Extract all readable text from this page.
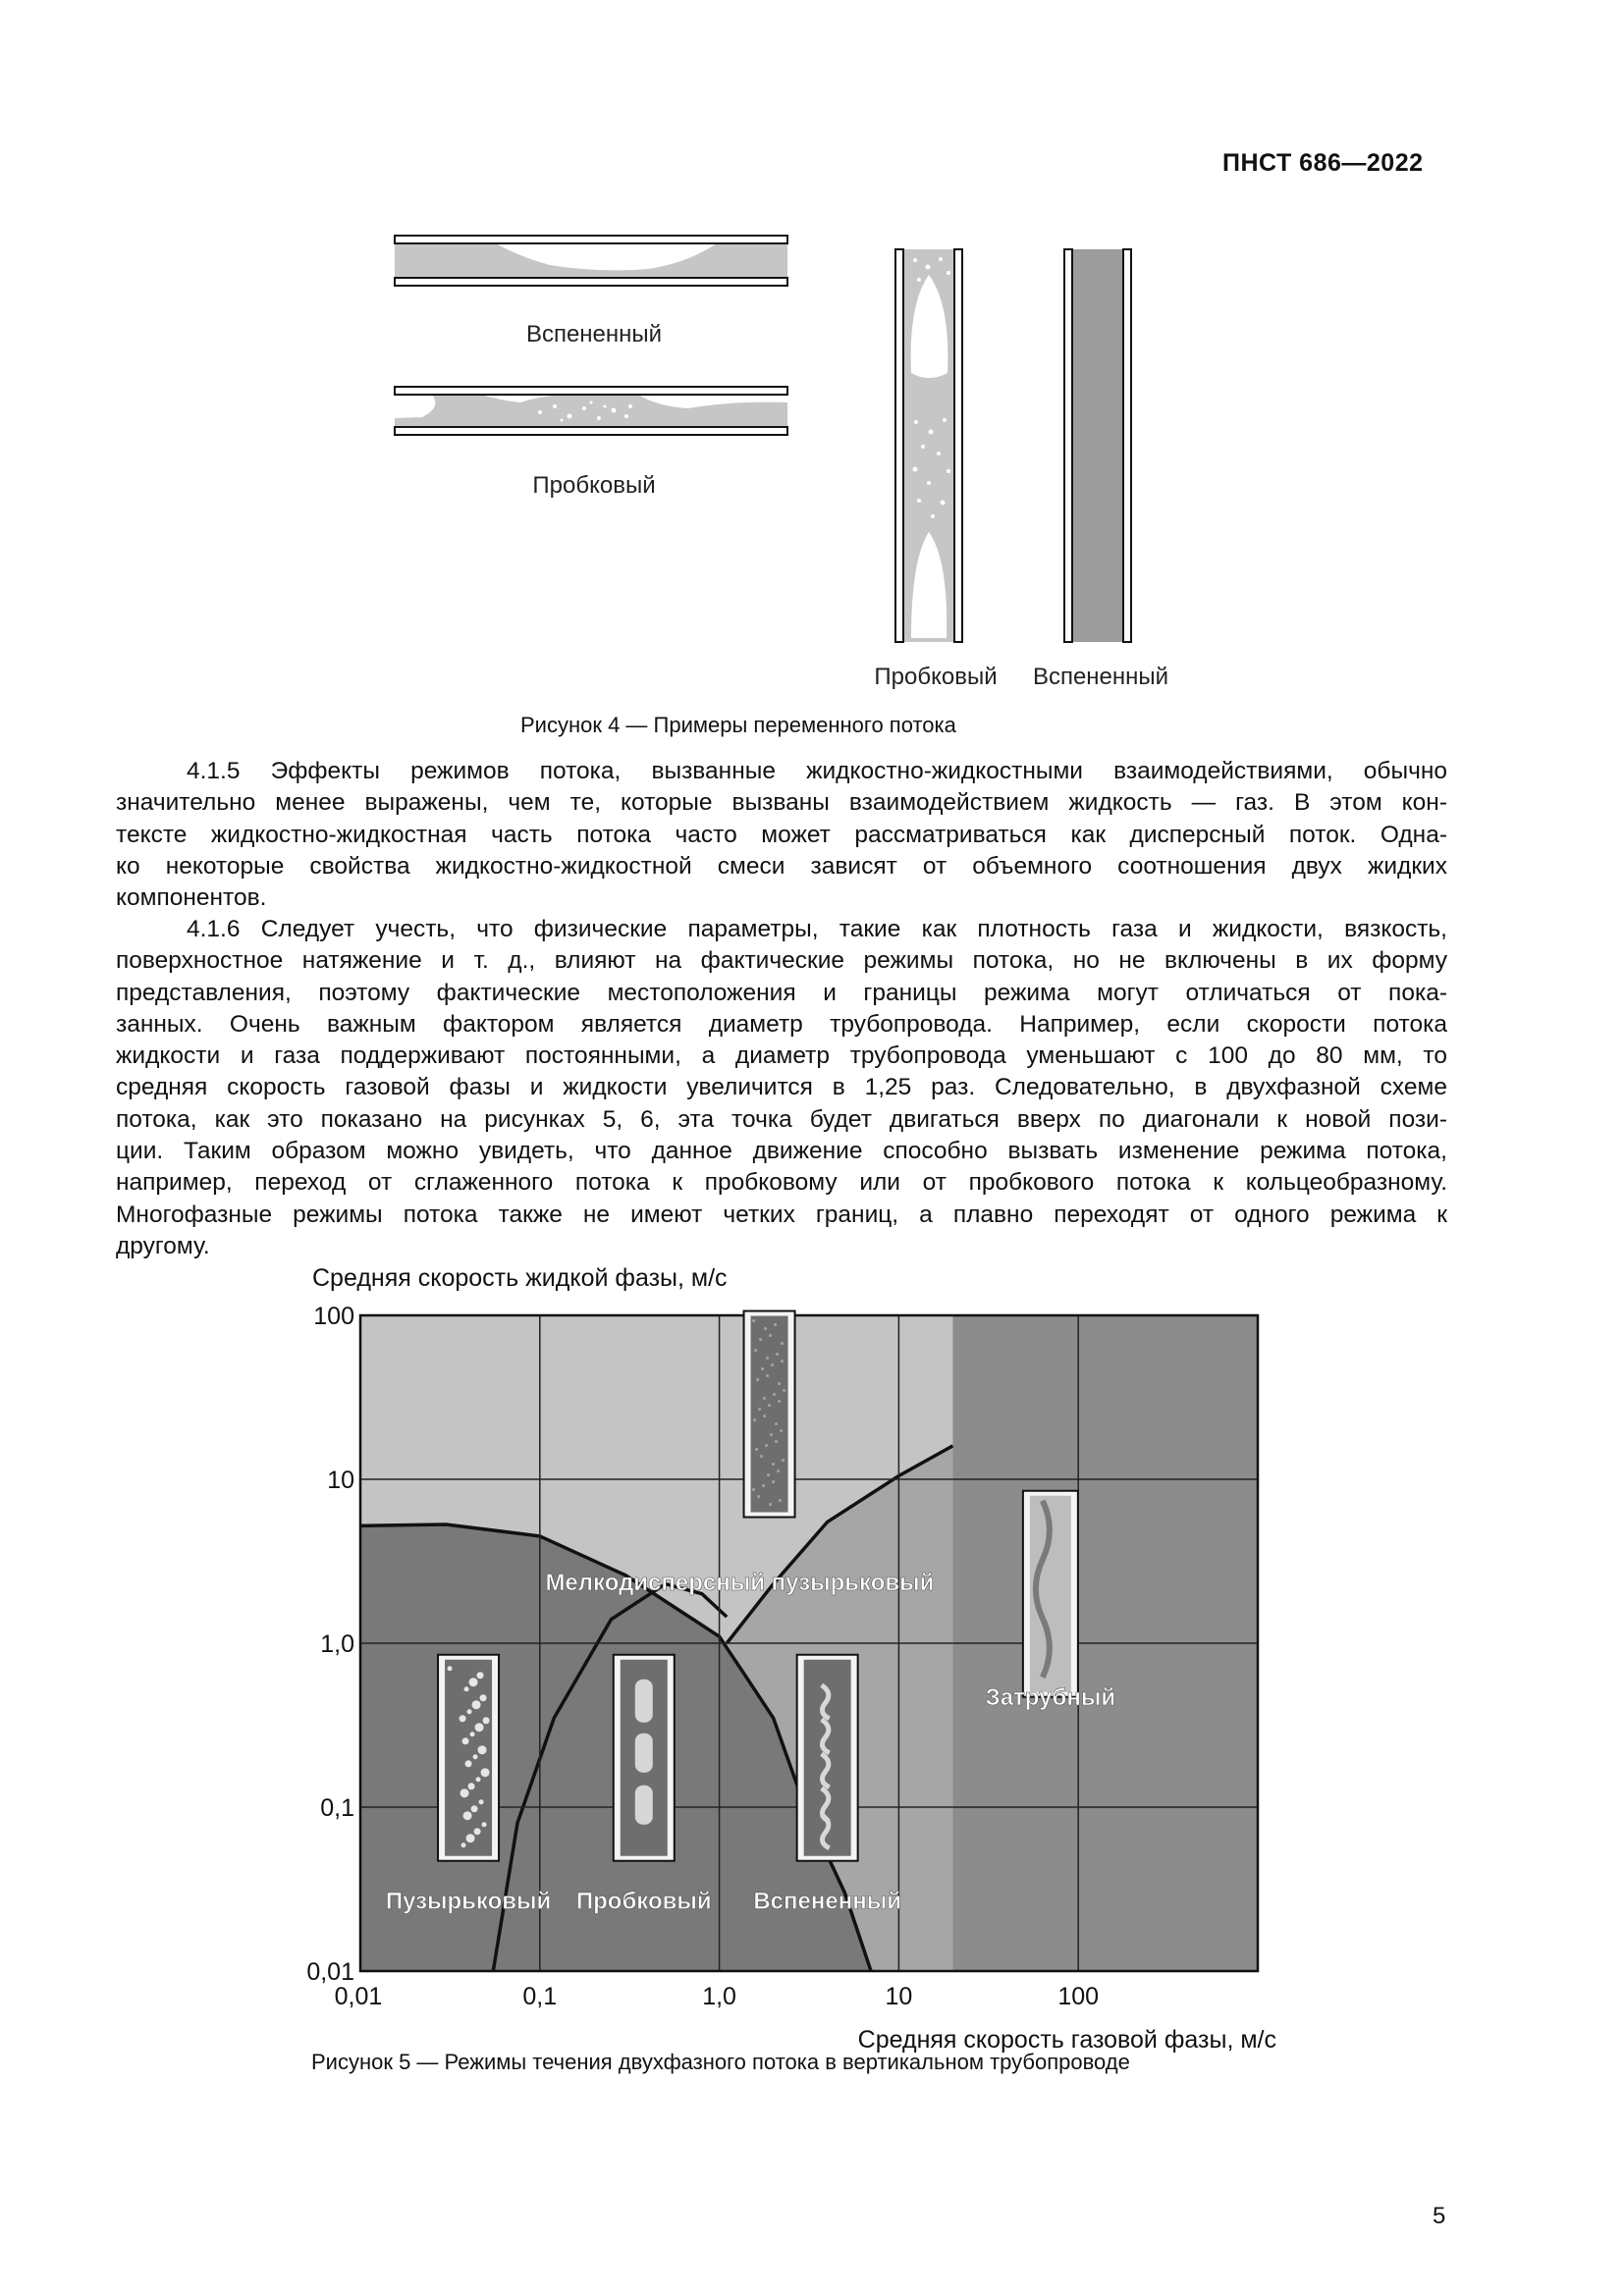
ПНСТ 686—2022
Вспененный
Пробковый
Пробковый Вспененный
Рисунок 4 — Примеры переменного потока
4.1.5 Эффекты режимов потока, вызванные жидкостно-жидкостными взаимодействиями, обычно
значительно менее выражены, чем те, которые вызваны взаимодействием жидкость — газ. В этом кон-
тексте жидкостно-жидкостная часть потока часто может рассматриваться как дисперсный поток. Одна-
ко некоторые свойства жидкостно-жидкостной смеси зависят от объемного соотношения двух жидких
компонентов.
4.1.6 Следует учесть, что физические параметры, такие как плотность газа и жидкости, вязкость,
поверхностное натяжение и т. д., влияют на фактические режимы потока, но не включены в их форму
представления, поэтому фактические местоположения и границы режима могут отличаться от пока-
занных. Очень важным фактором является диаметр трубопровода. Например, если скорости потока
жидкости и газа поддерживают постоянными, а диаметр трубопровода уменьшают с 100 до 80 мм, то
средняя скорость газовой фазы и жидкости увеличится в 1,25 раз. Следовательно, в двухфазной схеме
потока, как это показано на рисунках 5, 6, эта точка будет двигаться вверх по диагонали к новой пози-
ции. Таким образом можно увидеть, что данное движение способно вызвать изменение режима потока,
например, переход от сглаженного потока к пробковому или от пробкового потока к кольцеобразному.
Многофазные режимы потока также не имеют четких границ, а плавно переходят от одного режима к
другому.
Средняя скорость жидкой фазы, м/с
0,01	0,1	1,0	10	100
100
10
1,0
0,1
0,01
Пузырьковый Пробковый Вспененный
Мелкодисперсный пузырьковый
Затрубный
Средняя скорость газовой фазы, м/с
Рисунок 5 — Режимы течения двухфазного потока в вертикальном трубопроводе
5
